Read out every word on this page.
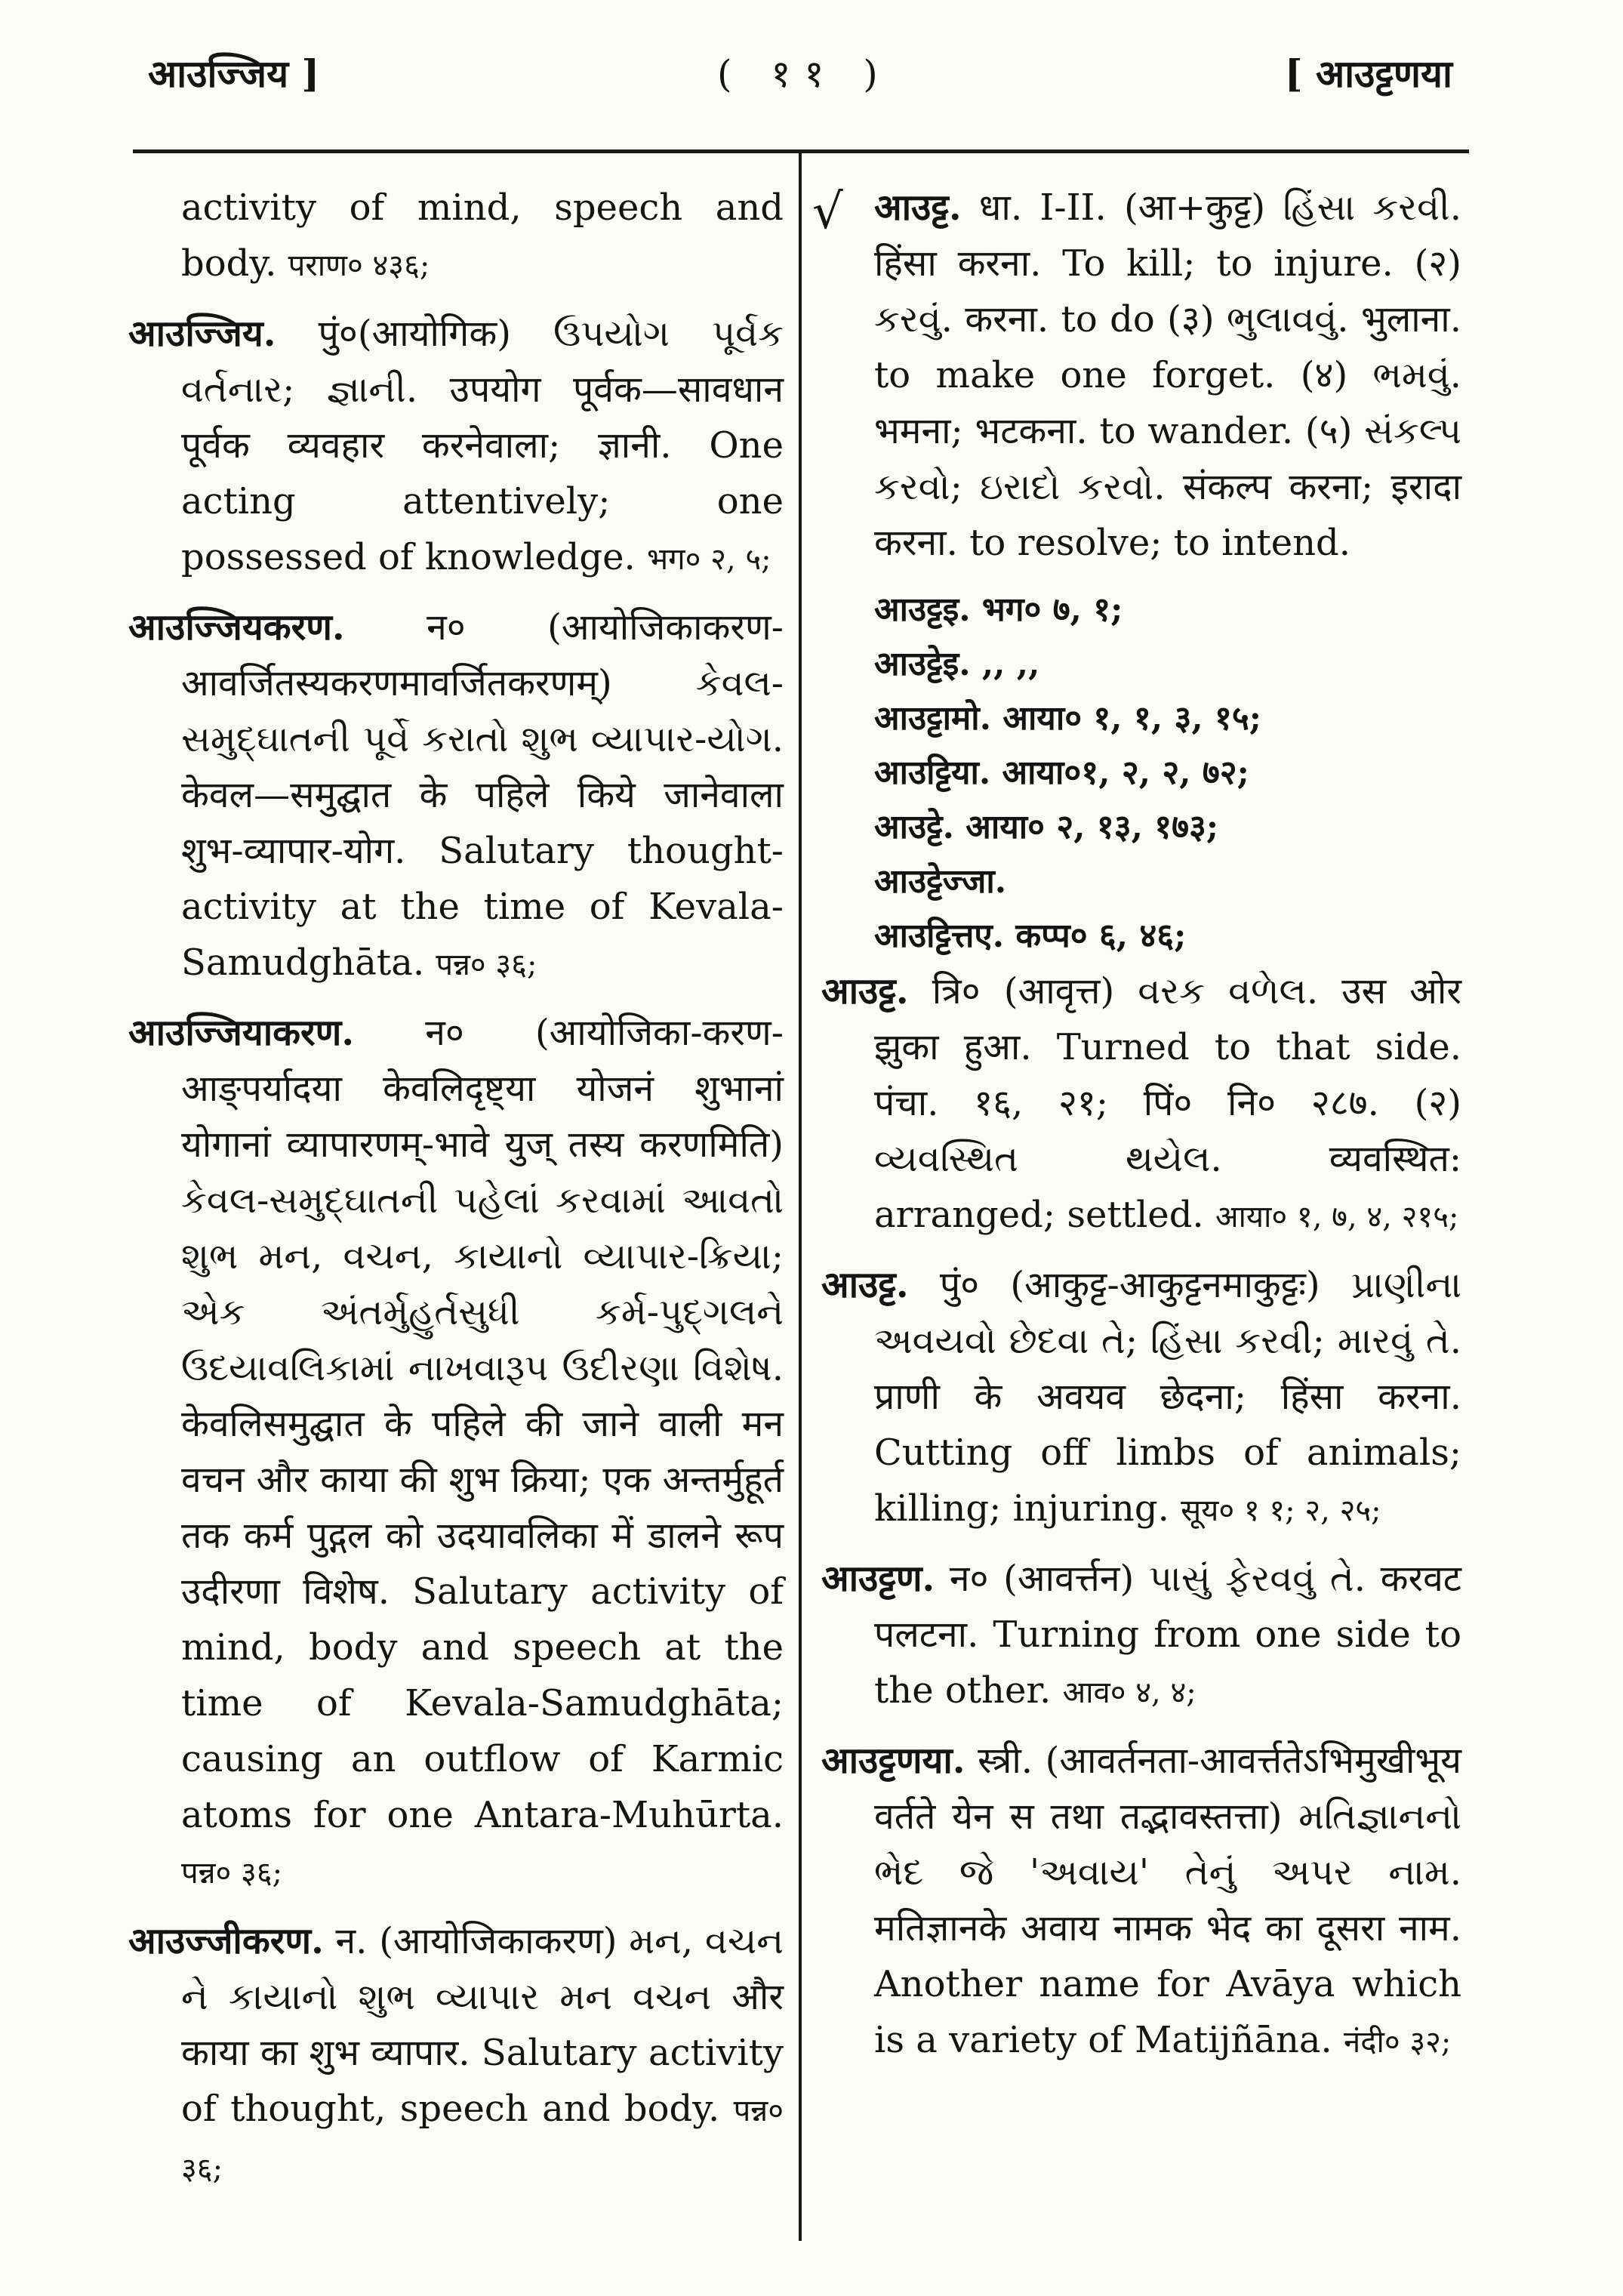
आउज्जिय ]	( ११ )	[ आउट्टणया
activity of mind, speech and body. पराण० ४३६;
आउज्जिय. पुं०(आयोगिक) ઉપયોગ પૂર્વક વર્તનાર; જ્ઞાની. उपयोग पूर्वक—सावधान पूर्वक व्यवहार करनेवाला; ज्ञानी. One acting attentively; one possessed of knowledge. भग० २, ५;
आउज्जियकरण. न० (आयोजिकाकरण-आवर्जितस्यकरणमावर्जितकरणम्) કેવલ-સમુદ્ઘાતની પૂર્વે કરાતો શુભ વ્યાપાર-યોગ. केवल—समुद्घात के पहिले किये जानेवाला शुभ-व्यापार-योग. Salutary thought-activity at the time of Kevala-Samudghāta. पन्न० ३६;
आउज्जियाकरण. न० (आयोजिका-करण-आङ्पर्यादया केवलिदृष्ट्या योजनं शुभानां योगानां व्यापारणम्-भावे युज् तस्य करणमिति) કેવલ-સમુદ્ઘાતની પહેલાં કરવામાં આવતો શુભ મન, વચન, કાયાનો વ્યાપાર-ક્રિયા; એક અંતર્મુહુર્તસુધી કર્મ-પુદ્ગલને ઉદયાવલિકામાં નાખવારૂપ ઉદીરણા વિશેષ. केवलिसमुद्घात के पहिले की जाने वाली मन वचन और काया की शुभ क्रिया; एक अन्तर्मुहूर्त तक कर्म पुद्गल को उदयावलिका में डालने रूप उदीरणा विशेष. Salutary activity of mind, body and speech at the time of Kevala-Samudghāta; causing an outflow of Karmic atoms for one Antara-Muhūrta. पन्न० ३६;
आउज्जीकरण. न. (आयोजिकाकरण) મન, વચન ને કાયાનો શુભ વ્યાપાર મન વચન और काया का शुभ व्यापार. Salutary activity of thought, speech and body. पन्न० ३६;
√ आउट्ट. धा. I-II. (आ+कुट्ट) હિંસા કરવી. हिंसा करना. To kill; to injure. (२) કરવું. करना. to do (३) ભુલાવવું. भुलाना. to make one forget. (४) ભમવું. भमना; भटकना. to wander. (५) સંકલ્પ કરવો; ઇરાદો કરવો. संकल्प करना; इरादा करना. to resolve; to intend.
आउट्टइ. भग० ७, १;
आउट्टेइ. ,, ,,
आउट्टामो. आया० १, १, ३, १५;
आउट्टिया. आया०१, २, २, ७२;
आउट्टे. आया० २, १३, १७३;
आउट्टेज्जा.
आउट्टित्तए. कप्प० ६, ४६;
आउट्ट. त्रि० (आवृत्त) વરક વળેલ. उस ओर झुका हुआ. Turned to that side. पंचा. १६, २१; पिं० नि० २८७. (२) વ્યવસ્થિત થયેલ. व्यवस्थित: arranged; settled. आया० १, ७, ४, २१५;
आउट्ट. पुं० (आकुट्ट-आकुट्टनमाकुट्टः) પ્રાણીના અવયવો છેદવા તે; હિંસા કરવી; મારવું તે. प्राणी के अवयव छेदना; हिंसा करना. Cutting off limbs of animals; killing; injuring. सूय० १ १; २, २५;
आउट्टण. न० (आवर्त्तन) પાસું ફેરવવું તે. करवट पलटना. Turning from one side to the other. आव० ४, ४;
आउट्टणया. स्त्री. (आवर्तनता-आवर्त्ततेऽभिमुखीभूय वर्तते येन स तथा तद्भावस्तत्ता) મતિજ્ઞાનનો ભેદ જે 'અવાય' તેનું અપર નામ. मतिज्ञानके अवाय नामक भेद का दूसरा नाम. Another name for Avāya which is a variety of Matijñāna. नंदी० ३२;
